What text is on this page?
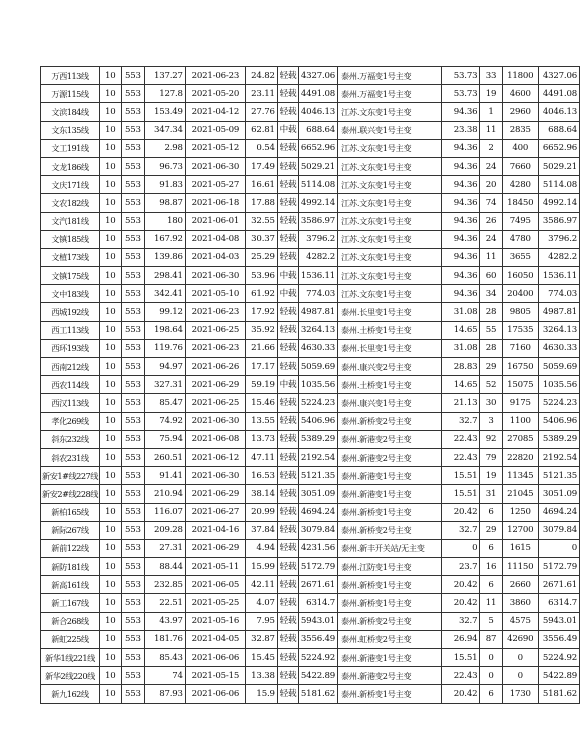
万西113线	10	553	137.27	2021-06-23	24.82	轻载	4327.06	泰州.万福变1号主变	53.73	33	11800	4327.06
万源115线	10	553	127.8	2021-05-20	23.11	轻载	4491.08	泰州.万福变1号主变	53.73	19	4600	4491.08
文滨184线	10	553	153.49	2021-04-12	27.76	轻载	4046.13	江苏.文东变1号主变	94.36	1	2960	4046.13
文东135线	10	553	347.34	2021-05-09	62.81	中载	688.64	泰州.联兴变1号主变	23.38	11	2835	688.64
文工191线	10	553	2.98	2021-05-12	0.54	轻载	6652.96	江苏.文东变1号主变	94.36	2	400	6652.96
文龙186线	10	553	96.73	2021-06-30	17.49	轻载	5029.21	江苏.文东变1号主变	94.36	24	7660	5029.21
文庆171线	10	553	91.83	2021-05-27	16.61	轻载	5114.08	江苏.文东变1号主变	94.36	20	4280	5114.08
文农182线	10	553	98.87	2021-06-18	17.88	轻载	4992.14	江苏.文东变1号主变	94.36	74	18450	4992.14
文汽181线	10	553	180	2021-06-01	32.55	轻载	3586.97	江苏.文东变1号主变	94.36	26	7495	3586.97
文镇185线	10	553	167.92	2021-04-08	30.37	轻载	3796.2	江苏.文东变1号主变	94.36	24	4780	3796.2
文植173线	10	553	139.86	2021-04-03	25.29	轻载	4282.2	江苏.文东变1号主变	94.36	11	3655	4282.2
文镇175线	10	553	298.41	2021-06-30	53.96	中载	1536.11	江苏.文东变1号主变	94.36	60	16050	1536.11
文中183线	10	553	342.41	2021-05-10	61.92	中载	774.03	江苏.文东变1号主变	94.36	34	20400	774.03
西城192线	10	553	99.12	2021-06-23	17.92	轻载	4987.81	泰州.长里变1号主变	31.08	28	9805	4987.81
西工113线	10	553	198.64	2021-06-25	35.92	轻载	3264.13	泰州.土桥变1号主变	14.65	55	17535	3264.13
西环193线	10	553	119.76	2021-06-23	21.66	轻载	4630.33	泰州.长里变1号主变	31.08	28	7160	4630.33
西南212线	10	553	94.97	2021-06-26	17.17	轻载	5059.69	泰州.康兴变2号主变	28.83	29	16750	5059.69
西农114线	10	553	327.31	2021-06-29	59.19	中载	1035.56	泰州.土桥变1号主变	14.65	52	15075	1035.56
西汉113线	10	553	85.47	2021-06-25	15.46	轻载	5224.23	泰州.康兴变1号主变	21.13	30	9175	5224.23
孝化269线	10	553	74.92	2021-06-30	13.55	轻载	5406.96	泰州.新桥变2号主变	32.7	3	1100	5406.96
斜东232线	10	553	75.94	2021-06-08	13.73	轻载	5389.29	泰州.新港变2号主变	22.43	92	27085	5389.29
斜农231线	10	553	260.51	2021-06-12	47.11	轻载	2192.54	泰州.新港变2号主变	22.43	79	22820	2192.54
新安1#线227线	10	553	91.41	2021-06-30	16.53	轻载	5121.35	泰州.新港变1号主变	15.51	19	11345	5121.35
新安2#线228线	10	553	210.94	2021-06-29	38.14	轻载	3051.09	泰州.新港变1号主变	15.51	31	21045	3051.09
新柏165线	10	553	116.07	2021-06-27	20.99	轻载	4694.24	泰州.新桥变1号主变	20.42	6	1250	4694.24
新际267线	10	553	209.28	2021-04-16	37.84	轻载	3079.84	泰州.新桥变2号主变	32.7	29	12700	3079.84
新前122线	10	553	27.31	2021-06-29	4.94	轻载	4231.56	泰州.新丰开关站/无主变	0	6	1615	0
新防181线	10	553	88.44	2021-05-11	15.99	轻载	5172.79	泰州.江防变1号主变	23.7	16	11150	5172.79
新高161线	10	553	232.85	2021-06-05	42.11	轻载	2671.61	泰州.新桥变1号主变	20.42	6	2660	2671.61
新工167线	10	553	22.51	2021-05-25	4.07	轻载	6314.7	泰州.新桥变1号主变	20.42	11	3860	6314.7
新合268线	10	553	43.97	2021-05-16	7.95	轻载	5943.01	泰州.新桥变2号主变	32.7	5	4575	5943.01
新虹225线	10	553	181.76	2021-04-05	32.87	轻载	3556.49	泰州.虹桥变2号主变	26.94	87	42690	3556.49
新华1线221线	10	553	85.43	2021-06-06	15.45	轻载	5224.92	泰州.新港变1号主变	15.51	0	0	5224.92
新华2线220线	10	553	74	2021-05-15	13.38	轻载	5422.89	泰州.新港变2号主变	22.43	0	0	5422.89
新九162线	10	553	87.93	2021-06-06	15.9	轻载	5181.62	泰州.新桥变1号主变	20.42	6	1730	5181.62
